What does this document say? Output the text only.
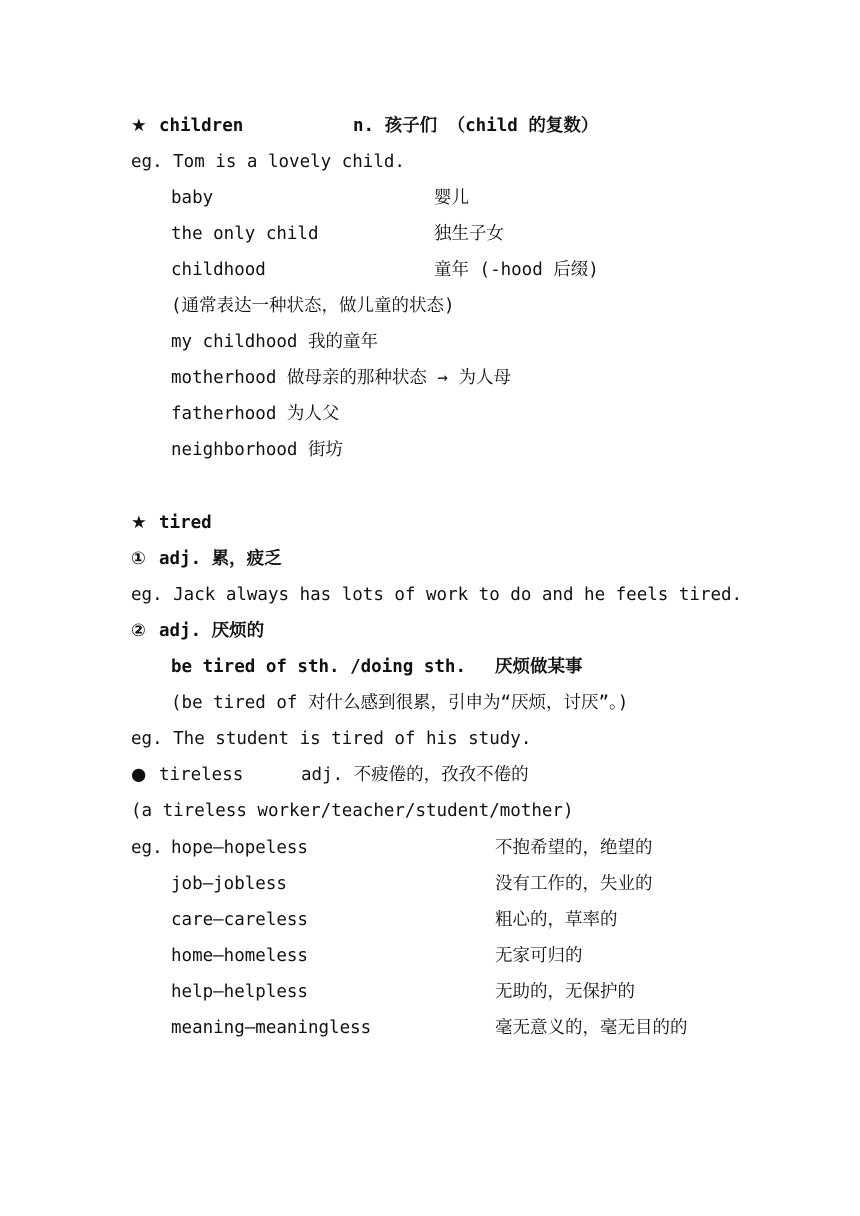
★ children	n. 孩子们 （child 的复数）
eg. Tom is a lovely child.
baby	婴儿
the only child	独生子女
childhood	童年 (-hood 后缀)
(通常表达一种状态，做儿童的状态)
my childhood 我的童年
motherhood 做母亲的那种状态 → 为人母
fatherhood 为人父
neighborhood 街坊
★ tired
① adj. 累，疲乏
eg. Jack always has lots of work to do and he feels tired.
② adj. 厌烦的
be tired of sth. /doing sth. 厌烦做某事
(be tired of 对什么感到很累，引申为“厌烦，讨厌”。)
eg. The student is tired of his study.
● tireless	adj. 不疲倦的，孜孜不倦的
(a tireless worker/teacher/student/mother)
eg. hope—hopeless	不抱希望的，绝望的
job—jobless	没有工作的，失业的
care—careless	粗心的，草率的
home—homeless	无家可归的
help—helpless	无助的，无保护的
meaning—meaningless	毫无意义的，毫无目的的
